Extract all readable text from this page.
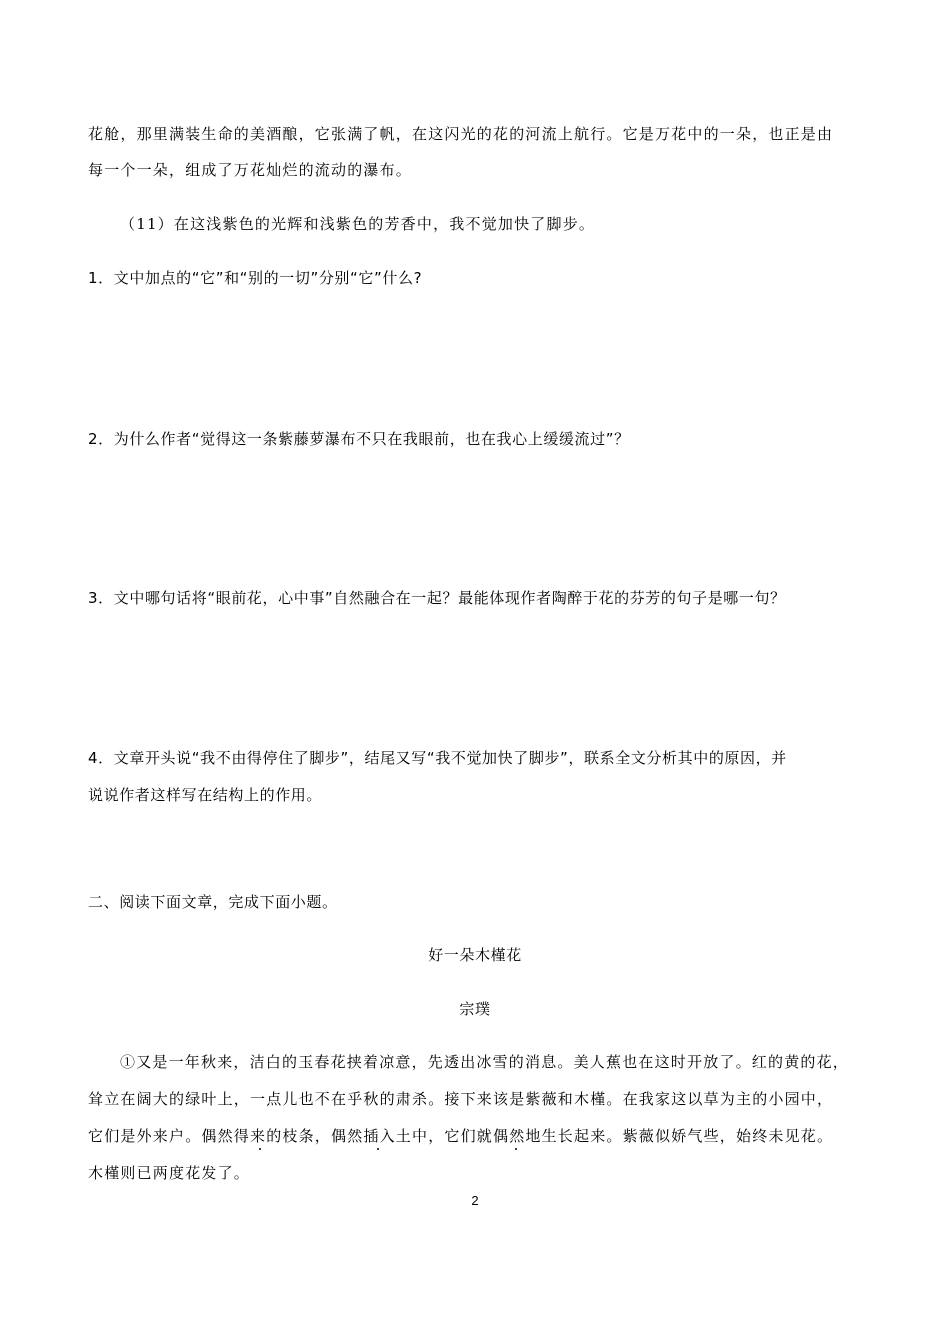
花舱，那里满装生命的美酒酿，它张满了帆，在这闪光的花的河流上航行。它是万花中的一朵，也正是由
每一个一朵，组成了万花灿烂的流动的瀑布。
（11）在这浅紫色的光辉和浅紫色的芳香中，我不觉加快了脚步。
1．文中加点的“它”和“别的一切”分别“它”什么?
2．为什么作者“觉得这一条紫藤萝瀑布不只在我眼前，也在我心上缓缓流过”？
3．文中哪句话将“眼前花，心中事”自然融合在一起？最能体现作者陶醉于花的芬芳的句子是哪一句？
4．文章开头说“我不由得停住了脚步”，结尾又写“我不觉加快了脚步”，联系全文分析其中的原因，并
说说作者这样写在结构上的作用。
二、阅读下面文章，完成下面小题。
好一朵木槿花
宗璞
①又是一年秋来，洁白的玉春花挟着凉意，先透出冰雪的消息。美人蕉也在这时开放了。红的黄的花，
耸立在阔大的绿叶上，一点儿也不在乎秋的肃杀。接下来该是紫薇和木槿。在我家这以草为主的小园中，
它们是外来户。偶然得来的枝条，偶然插入土中，它们就偶然地生长起来。紫薇似娇气些，始终未见花。
木槿则已两度花发了。
2
